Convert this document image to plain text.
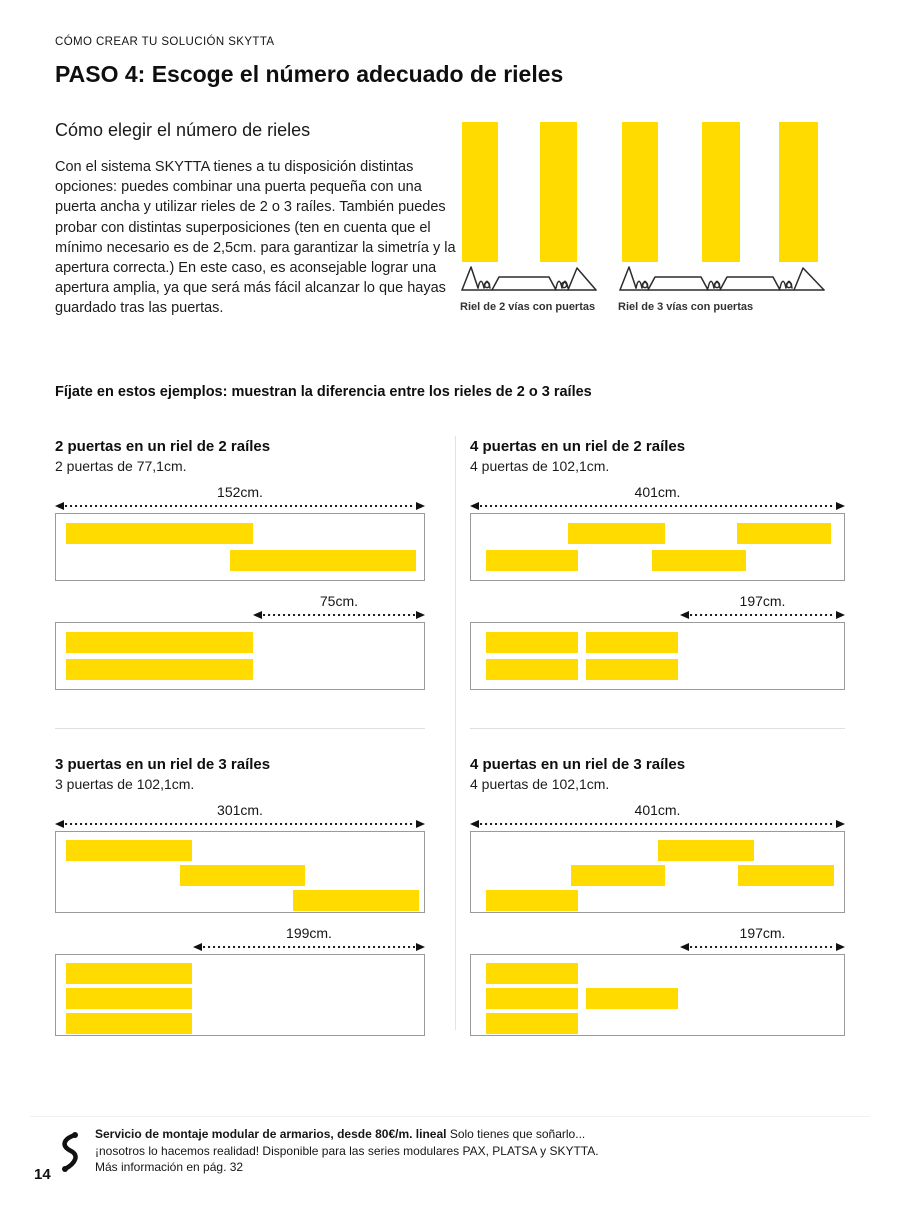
CÓMO CREAR TU SOLUCIÓN SKYTTA

PASO 4: Escoge el número adecuado de rieles
Cómo elegir el número de rieles

Con el sistema SKYTTA tienes a tu disposición distintas opciones: puedes combinar una puerta pequeña con una puerta ancha y utilizar rieles de 2 o 3 raíles. También puedes probar con distintas superposiciones (ten en cuenta que el mínimo necesario es de 2,5cm. para garantizar la simetría y la apertura correcta.) En este caso, es aconsejable lograr una apertura amplia, ya que será más fácil alcanzar lo que hayas guardado tras las puertas.	Riel de 2 vías con puertas	Riel de 3 vías con puertas

Fíjate en estos ejemplos: muestran la diferencia entre los rieles de 2 o 3 raíles

2 puertas en un riel de 2 raíles

2 puertas de 77,1cm.

152cm.
75cm.
4 puertas en un riel de 2 raíles

4 puertas de 102,1cm.

401cm.
197cm.
3 puertas en un riel de 3 raíles

3 puertas de 102,1cm.

301cm.
199cm.
4 puertas en un riel de 3 raíles

4 puertas de 102,1cm.

401cm.
197cm.
Servicio de montaje modular de armarios, desde 80€/m. lineal Solo tienes que soñarlo...
¡nosotros lo hacemos realidad! Disponible para las series modulares PAX, PLATSA y SKYTTA.
Más información en pág. 32
14
